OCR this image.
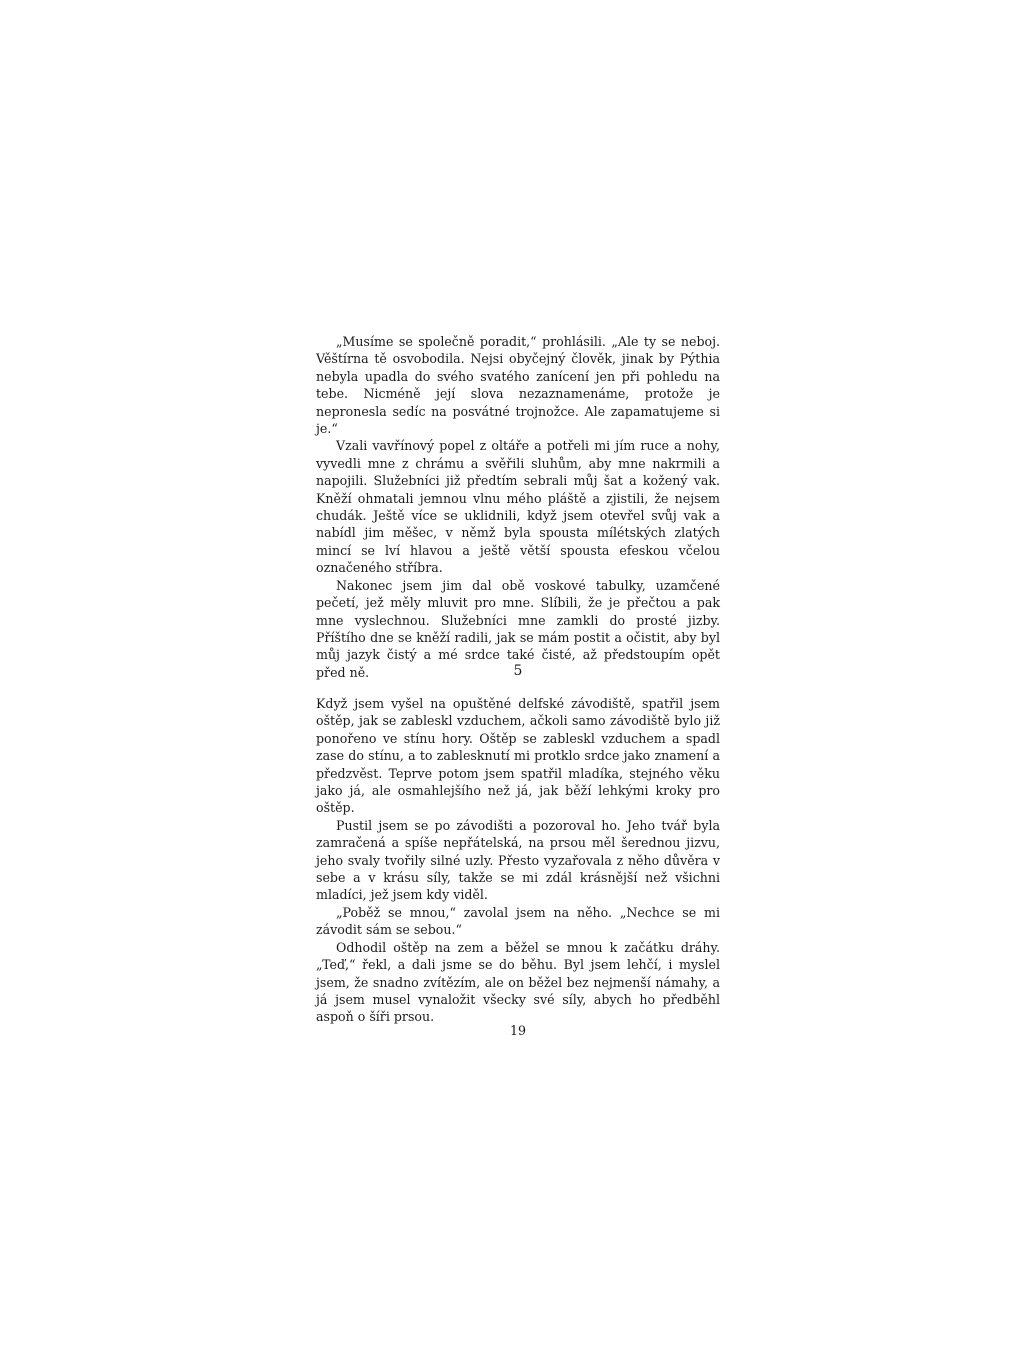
„Musíme se společně poradit,“ prohlásili. „Ale ty se neboj. Věštírna tě osvobodila. Nejsi obyčejný člověk, jinak by Pýthia nebyla upadla do svého svatého zanícení jen při pohledu na tebe. Nicméně její slova nezaznamenáme, protože je nepronesla sedíc na posvátné trojnožce. Ale zapamatujeme si je.“

Vzali vavřínový popel z oltáře a potřeli mi jím ruce a nohy, vyvedli mne z chrámu a svěřili sluhům, aby mne nakrmili a napojili. Služebníci již předtím sebrali můj šat a kožený vak. Kněží ohmatali jemnou vlnu mého pláště a zjistili, že nejsem chudák. Ještě více se uklidnili, když jsem otevřel svůj vak a nabídl jim měšec, v němž byla spousta mílétských zlatých mincí se lví hlavou a ještě větší spousta efeskou včelou označeného stříbra.

Nakonec jsem jim dal obě voskové tabulky, uzamčené pečetí, jež měly mluvit pro mne. Slíbili, že je přečtou a pak mne vyslechnou. Služebníci mne zamkli do prosté jizby. Příštího dne se kněží radili, jak se mám postit a očistit, aby byl můj jazyk čistý a mé srdce také čisté, až předstoupím opět před ně.	5

Když jsem vyšel na opuštěné delfské závodiště, spatřil jsem oštěp, jak se zableskl vzduchem, ačkoli samo závodiště bylo již ponořeno ve stínu hory. Oštěp se zableskl vzduchem a spadl zase do stínu, a to zablesknutí mi protklo srdce jako znamení a předzvěst. Teprve potom jsem spatřil mladíka, stejného věku jako já, ale osmahlejšího než já, jak běží lehkými kroky pro oštěp.

Pustil jsem se po závodišti a pozoroval ho. Jeho tvář byla zamračená a spíše nepřátelská, na prsou měl šerednou jizvu, jeho svaly tvořily silné uzly. Přesto vyzařovala z něho důvěra v sebe a v krásu síly, takže se mi zdál krásnější než všichni mladíci, jež jsem kdy viděl.

„Poběž se mnou,“ zavolal jsem na něho. „Nechce se mi závodit sám se sebou.“

Odhodil oštěp na zem a běžel se mnou k začátku dráhy. „Teď,“ řekl, a dali jsme se do běhu. Byl jsem lehčí, i myslel jsem, že snadno zvítězím, ale on běžel bez nejmenší námahy, a já jsem musel vynaložit všecky své síly, abych ho předběhl aspoň o šíři prsou.

19
